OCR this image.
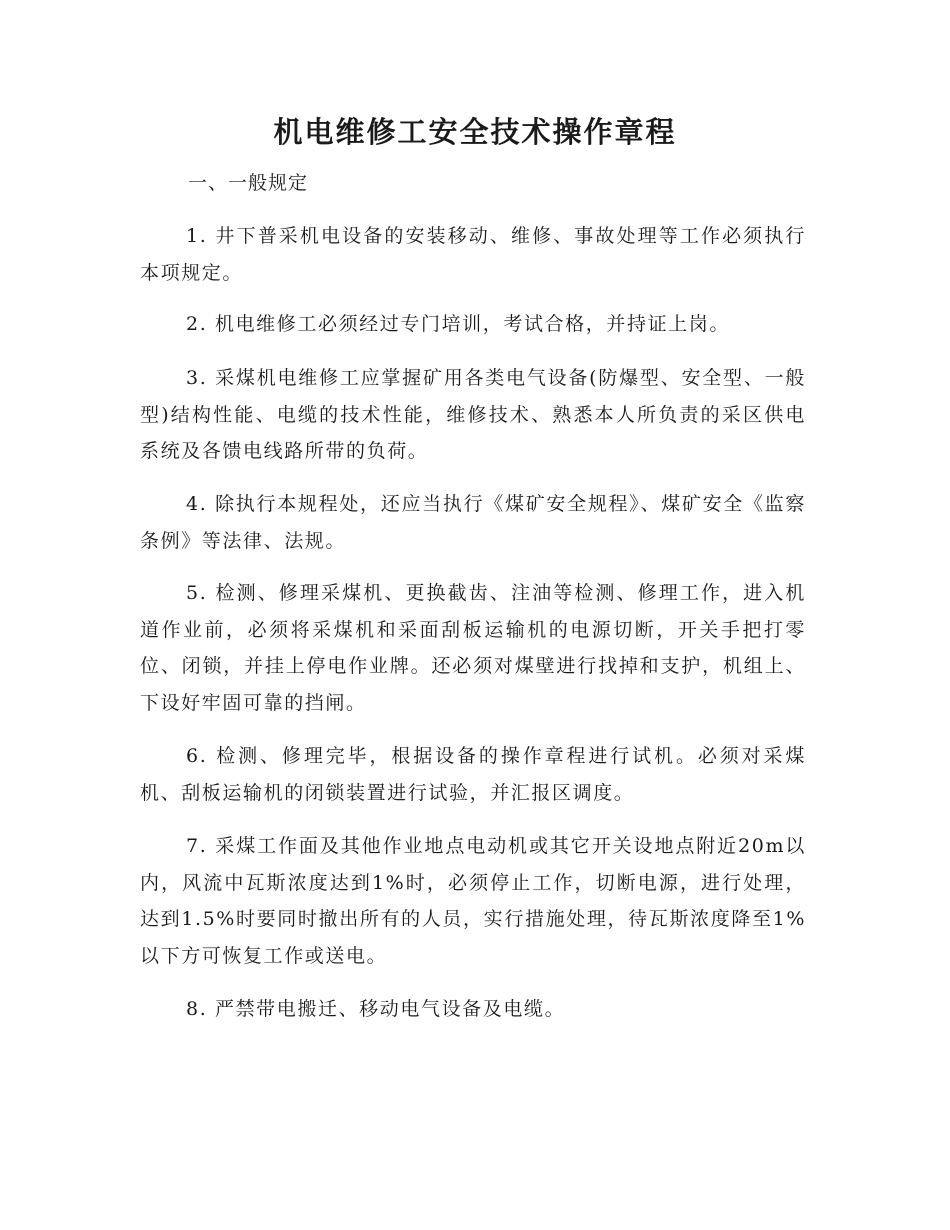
机电维修工安全技术操作章程

一、一般规定

1. 井下普采机电设备的安装移动、维修、事故处理等工作必须执行本项规定。

2. 机电维修工必须经过专门培训，考试合格，并持证上岗。

3. 采煤机电维修工应掌握矿用各类电气设备(防爆型、安全型、一般型)结构性能、电缆的技术性能，维修技术、熟悉本人所负责的采区供电系统及各馈电线路所带的负荷。

4. 除执行本规程处，还应当执行《煤矿安全规程》、煤矿安全《监察条例》等法律、法规。

5. 检测、修理采煤机、更换截齿、注油等检测、修理工作，进入机道作业前，必须将采煤机和采面刮板运输机的电源切断，开关手把打零位、闭锁，并挂上停电作业牌。还必须对煤壁进行找掉和支护，机组上、下设好牢固可靠的挡闸。

6. 检测、修理完毕，根据设备的操作章程进行试机。必须对采煤机、刮板运输机的闭锁装置进行试验，并汇报区调度。

7. 采煤工作面及其他作业地点电动机或其它开关设地点附近20m以内，风流中瓦斯浓度达到1%时，必须停止工作，切断电源，进行处理，达到1.5%时要同时撤出所有的人员，实行措施处理，待瓦斯浓度降至1%以下方可恢复工作或送电。

8. 严禁带电搬迁、移动电气设备及电缆。
